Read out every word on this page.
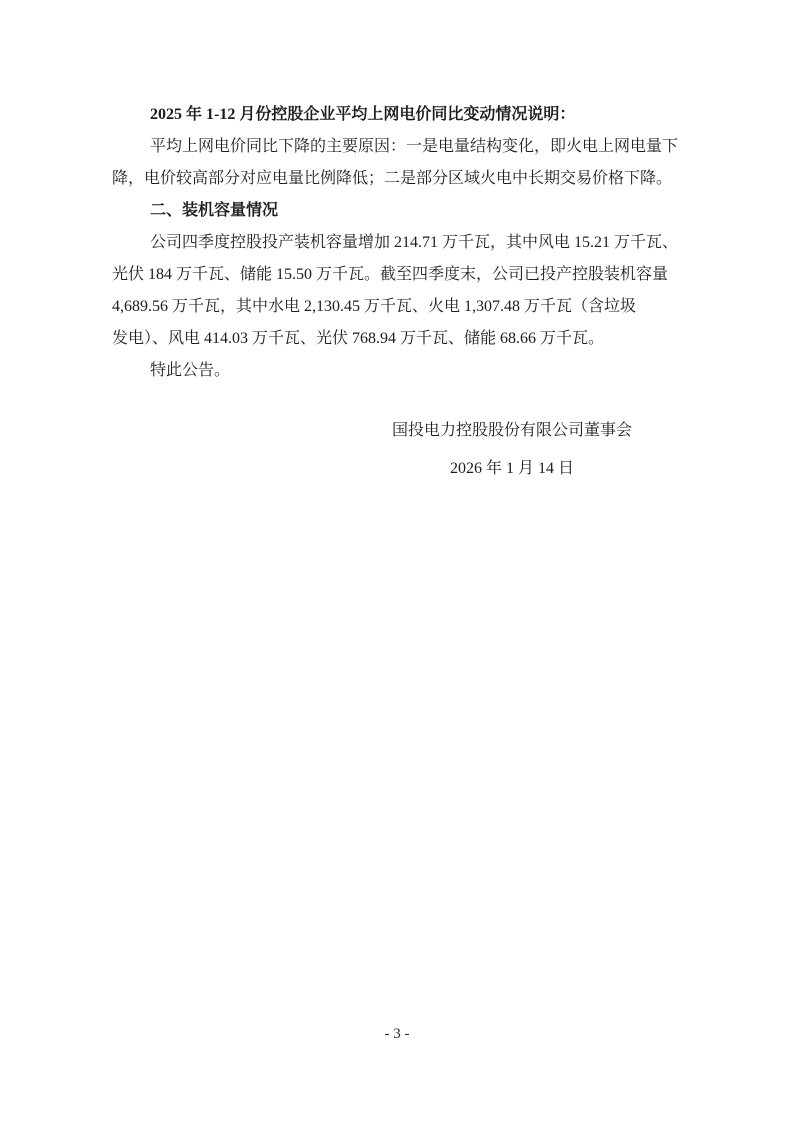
2025 年 1-12 月份控股企业平均上网电价同比变动情况说明：
平均上网电价同比下降的主要原因：一是电量结构变化，即火电上网电量下
降，电价较高部分对应电量比例降低；二是部分区域火电中长期交易价格下降。
二、装机容量情况
公司四季度控股投产装机容量增加 214.71 万千瓦，其中风电 15.21 万千瓦、
光伏 184 万千瓦、储能 15.50 万千瓦。截至四季度末，公司已投产控股装机容量
4,689.56 万千瓦，其中水电 2,130.45 万千瓦、火电 1,307.48 万千瓦（含垃圾
发电）、风电 414.03 万千瓦、光伏 768.94 万千瓦、储能 68.66 万千瓦。
特此公告。
国投电力控股股份有限公司董事会
2026 年 1 月 14 日
- 3 -
